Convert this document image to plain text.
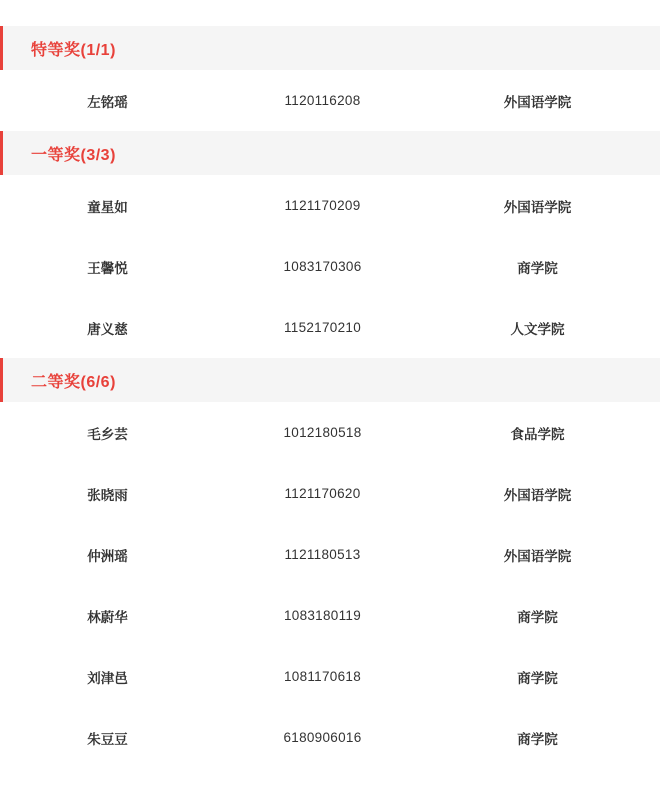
特等奖(1/1)
左铭瑶	1120116208	外国语学院
一等奖(3/3)
童星如	1121170209	外国语学院
王馨悦	1083170306	商学院
唐义慈	1152170210	人文学院
二等奖(6/6)
毛乡芸	1012180518	食品学院
张晓雨	1121170620	外国语学院
仲洲瑶	1121180513	外国语学院
林蔚华	1083180119	商学院
刘津邑	1081170618	商学院
朱豆豆	6180906016	商学院
